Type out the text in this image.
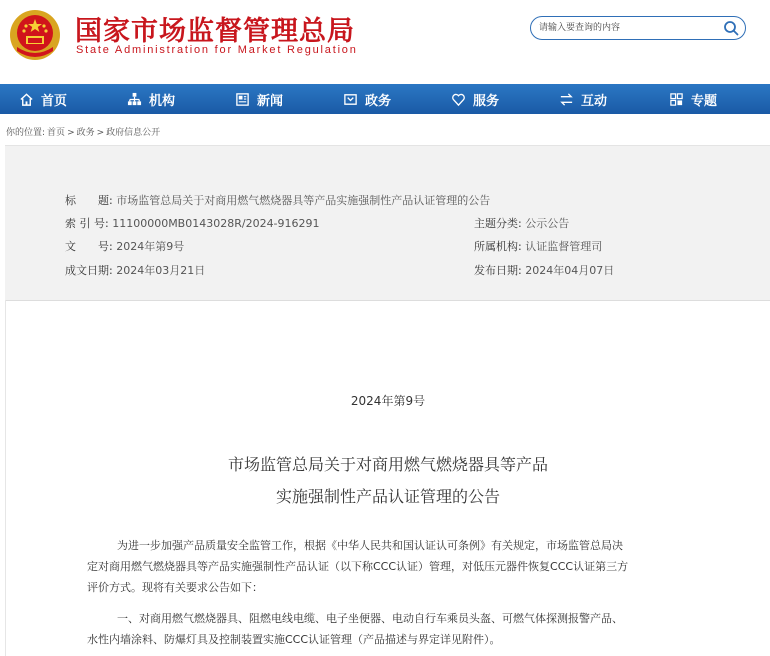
国家市场监督管理总局
State Administration for Market Regulation
请输入要查询的内容
首页	机构	新闻	政务	服务	互动	专题
你的位置: 首页 > 政务 > 政府信息公开
标　　题: 市场监管总局关于对商用燃气燃烧器具等产品实施强制性产品认证管理的公告
索 引 号: 11100000MB0143028R/2024-916291	主题分类: 公示公告
文　　号: 2024年第9号	所属机构: 认证监督管理司
成文日期: 2024年03月21日	发布日期: 2024年04月07日
2024年第9号
市场监管总局关于对商用燃气燃烧器具等产品
实施强制性产品认证管理的公告
为进一步加强产品质量安全监管工作，根据《中华人民共和国认证认可条例》有关规定，市场监管总局决
定对商用燃气燃烧器具等产品实施强制性产品认证（以下称CCC认证）管理，对低压元器件恢复CCC认证第三方
评价方式。现将有关要求公告如下：
一、对商用燃气燃烧器具、阻燃电线电缆、电子坐便器、电动自行车乘员头盔、可燃气体探测报警产品、
水性内墙涂料、防爆灯具及控制装置实施CCC认证管理（产品描述与界定详见附件）。
